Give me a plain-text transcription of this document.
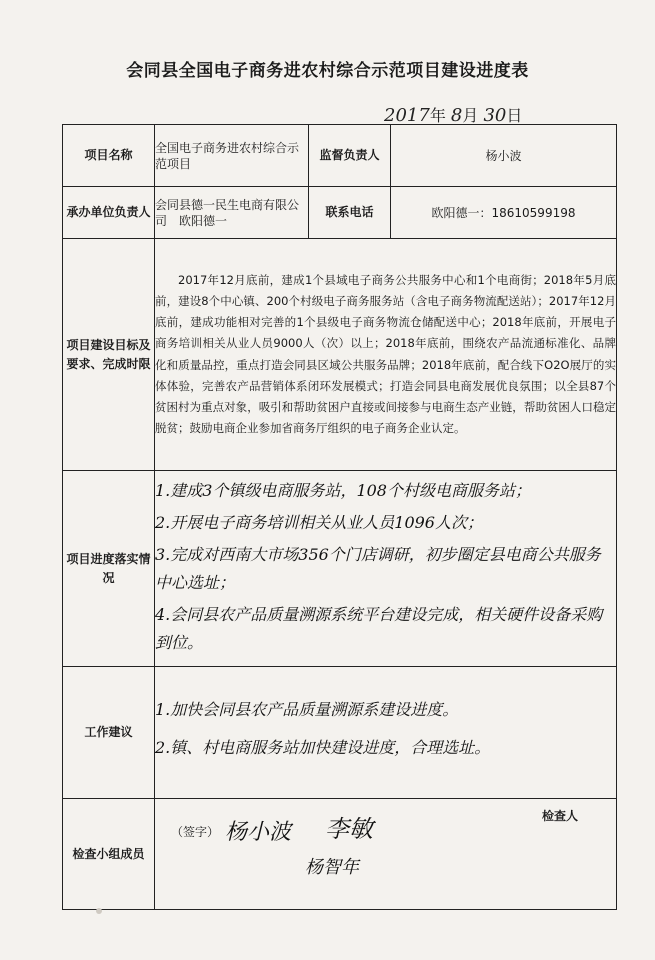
会同县全国电子商务进农村综合示范项目建设进度表
2017年 8月 30日
项目名称	全国电子商务进农村综合示范项目	监督负责人	杨小波
承办单位负责人	会同县德一民生电商有限公司　欧阳德一	联系电话	欧阳德一：18610599198
项目建设目标及要求、完成时限	2017年12月底前，建成1个县域电子商务公共服务中心和1个电商街；2018年5月底前，建设8个中心镇、200个村级电子商务服务站（含电子商务物流配送站）；2017年12月底前，建成功能相对完善的1个县级电子商务物流仓储配送中心；2018年底前，开展电子商务培训相关从业人员9000人（次）以上；2018年底前，围绕农产品流通标准化、品牌化和质量品控，重点打造会同县区域公共服务品牌；2018年底前，配合线下O2O展厅的实体体验，完善农产品营销体系闭环发展模式；打造会同县电商发展优良氛围；以全县87个贫困村为重点对象，吸引和帮助贫困户直接或间接参与电商生态产业链，帮助贫困人口稳定脱贫；鼓励电商企业参加省商务厅组织的电子商务企业认定。		
项目进度落实情况	1.建成3个镇级电商服务站，108个村级电商服务站；

2.开展电子商务培训相关从业人员1096人次；

3.完成对西南大市场356个门店调研，初步圈定县电商公共服务中心选址；

4.会同县农产品质量溯源系统平台建设完成，相关硬件设备采购到位。		

工作建议	1.加快会同县农产品质量溯源系建设进度。

2.镇、村电商服务站加快建设进度，合理选址。		

检查小组成员	（签字） 杨小波 李敏
杨智年
检查人		
